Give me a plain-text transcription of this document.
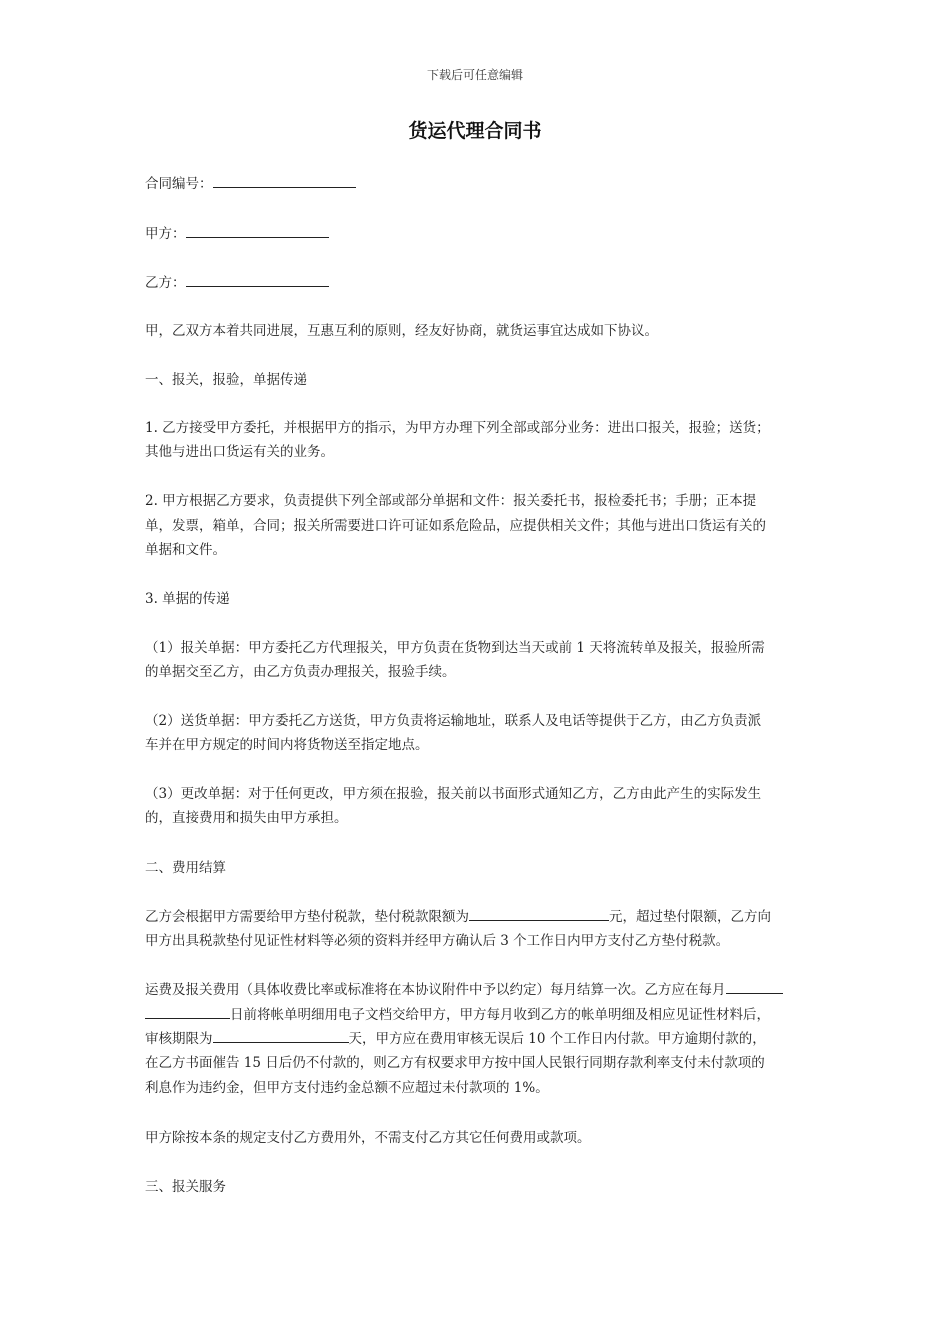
下载后可任意编辑
货运代理合同书
合同编号：
甲方：
乙方：
甲，乙双方本着共同进展，互惠互利的原则，经友好协商，就货运事宜达成如下协议。
一、报关，报验，单据传递
1. 乙方接受甲方委托，并根据甲方的指示，为甲方办理下列全部或部分业务：进出口报关，报验；送货；
其他与进出口货运有关的业务。
2. 甲方根据乙方要求，负责提供下列全部或部分单据和文件：报关委托书，报检委托书；手册；正本提
单，发票，箱单，合同；报关所需要进口许可证如系危险品，应提供相关文件；其他与进出口货运有关的
单据和文件。
3. 单据的传递
（1）报关单据：甲方委托乙方代理报关，甲方负责在货物到达当天或前 1 天将流转单及报关，报验所需
的单据交至乙方，由乙方负责办理报关，报验手续。
（2）送货单据：甲方委托乙方送货，甲方负责将运输地址，联系人及电话等提供于乙方，由乙方负责派
车并在甲方规定的时间内将货物送至指定地点。
（3）更改单据：对于任何更改，甲方须在报验，报关前以书面形式通知乙方，乙方由此产生的实际发生
的，直接费用和损失由甲方承担。
二、费用结算
乙方会根据甲方需要给甲方垫付税款，垫付税款限额为	元，超过垫付限额，乙方向
甲方出具税款垫付见证性材料等必须的资料并经甲方确认后 3 个工作日内甲方支付乙方垫付税款。
运费及报关费用（具体收费比率或标准将在本协议附件中予以约定）每月结算一次。乙方应在每月
日前将帐单明细用电子文档交给甲方，甲方每月收到乙方的帐单明细及相应见证性材料后，
审核期限为	天，甲方应在费用审核无误后 10 个工作日内付款。甲方逾期付款的，
在乙方书面催告 15 日后仍不付款的，则乙方有权要求甲方按中国人民银行同期存款利率支付未付款项的
利息作为违约金，但甲方支付违约金总额不应超过未付款项的 1%。
甲方除按本条的规定支付乙方费用外，不需支付乙方其它任何费用或款项。
三、报关服务
